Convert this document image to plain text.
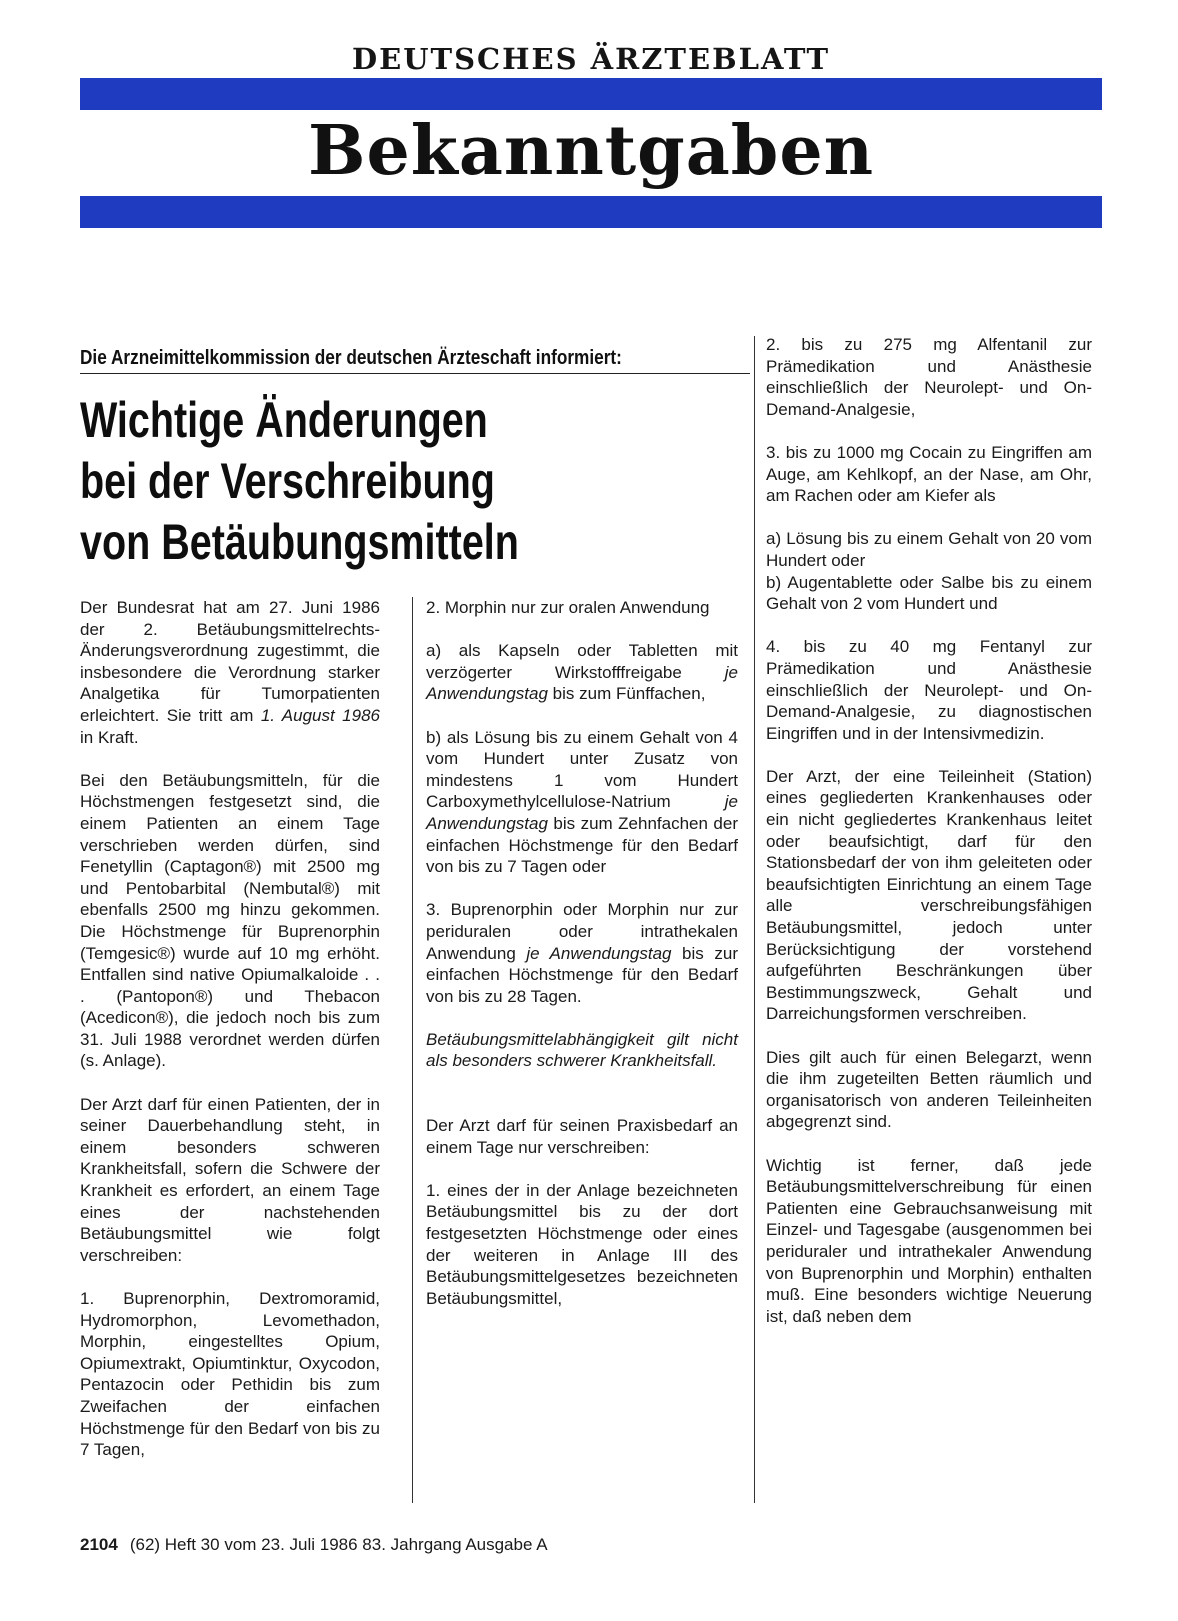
DEUTSCHES ÄRZTEBLATT
Bekanntgaben
Die Arzneimittelkommission der deutschen Ärzteschaft informiert:
Wichtige Änderungen
bei der Verschreibung
von Betäubungsmitteln

Der Bundesrat hat am 27. Juni 1986 der 2. Betäubungsmittelrechts-Änderungsverordnung zugestimmt, die insbesondere die Verordnung starker Analgetika für Tumorpatienten erleichtert. Sie tritt am 1. August 1986 in Kraft.

Bei den Betäubungsmitteln, für die Höchstmengen festgesetzt sind, die einem Patienten an einem Tage verschrieben werden dürfen, sind Fenetyllin (Captagon®) mit 2500 mg und Pentobarbital (Nembutal®) mit ebenfalls 2500 mg hinzu gekommen. Die Höchstmenge für Buprenorphin (Temgesic®) wurde auf 10 mg erhöht. Entfallen sind native Opiumalkaloide . . . (Pantopon®) und Thebacon (Acedicon®), die jedoch noch bis zum 31. Juli 1988 verordnet werden dürfen (s. Anlage).

Der Arzt darf für einen Patienten, der in seiner Dauerbehandlung steht, in einem besonders schweren Krankheitsfall, sofern die Schwere der Krankheit es erfordert, an einem Tage eines der nachstehenden Betäubungsmittel wie folgt verschreiben:

1. Buprenorphin, Dextromoramid, Hydromorphon, Levomethadon, Morphin, eingestelltes Opium, Opiumextrakt, Opiumtinktur, Oxycodon, Pentazocin oder Pethidin bis zum Zweifachen der einfachen Höchstmenge für den Bedarf von bis zu 7 Tagen,

2. Morphin nur zur oralen Anwendung

a) als Kapseln oder Tabletten mit verzögerter Wirkstofffreigabe je Anwendungstag bis zum Fünffachen,

b) als Lösung bis zu einem Gehalt von 4 vom Hundert unter Zusatz von mindestens 1 vom Hundert Carboxymethylcellulose-Natrium je Anwendungstag bis zum Zehnfachen der einfachen Höchstmenge für den Bedarf von bis zu 7 Tagen oder

3. Buprenorphin oder Morphin nur zur periduralen oder intrathekalen Anwendung je Anwendungstag bis zur einfachen Höchstmenge für den Bedarf von bis zu 28 Tagen.

Betäubungsmittelabhängigkeit gilt nicht als besonders schwerer Krankheitsfall.

Der Arzt darf für seinen Praxisbedarf an einem Tage nur verschreiben:

1. eines der in der Anlage bezeichneten Betäubungsmittel bis zu der dort festgesetzten Höchstmenge oder eines der weiteren in Anlage III des Betäubungsmittelgesetzes bezeichneten Betäubungsmittel,

2. bis zu 275 mg Alfentanil zur Prämedikation und Anästhesie einschließlich der Neurolept- und On-Demand-Analgesie,

3. bis zu 1000 mg Cocain zu Eingriffen am Auge, am Kehlkopf, an der Nase, am Ohr, am Rachen oder am Kiefer als

a) Lösung bis zu einem Gehalt von 20 vom Hundert oder

b) Augentablette oder Salbe bis zu einem Gehalt von 2 vom Hundert und

4. bis zu 40 mg Fentanyl zur Prämedikation und Anästhesie einschließlich der Neurolept- und On-Demand-Analgesie, zu diagnostischen Eingriffen und in der Intensivmedizin.

Der Arzt, der eine Teileinheit (Station) eines gegliederten Krankenhauses oder ein nicht gegliedertes Krankenhaus leitet oder beaufsichtigt, darf für den Stationsbedarf der von ihm geleiteten oder beaufsichtigten Einrichtung an einem Tage alle verschreibungsfähigen Betäubungsmittel, jedoch unter Berücksichtigung der vorstehend aufgeführten Beschränkungen über Bestimmungszweck, Gehalt und Darreichungsformen verschreiben.

Dies gilt auch für einen Belegarzt, wenn die ihm zugeteilten Betten räumlich und organisatorisch von anderen Teileinheiten abgegrenzt sind.

Wichtig ist ferner, daß jede Betäubungsmittelverschreibung für einen Patienten eine Gebrauchsanweisung mit Einzel- und Tagesgabe (ausgenommen bei periduraler und intrathekaler Anwendung von Buprenorphin und Morphin) enthalten muß. Eine besonders wichtige Neuerung ist, daß neben dem

2104 (62) Heft 30 vom 23. Juli 1986 83. Jahrgang Ausgabe A
